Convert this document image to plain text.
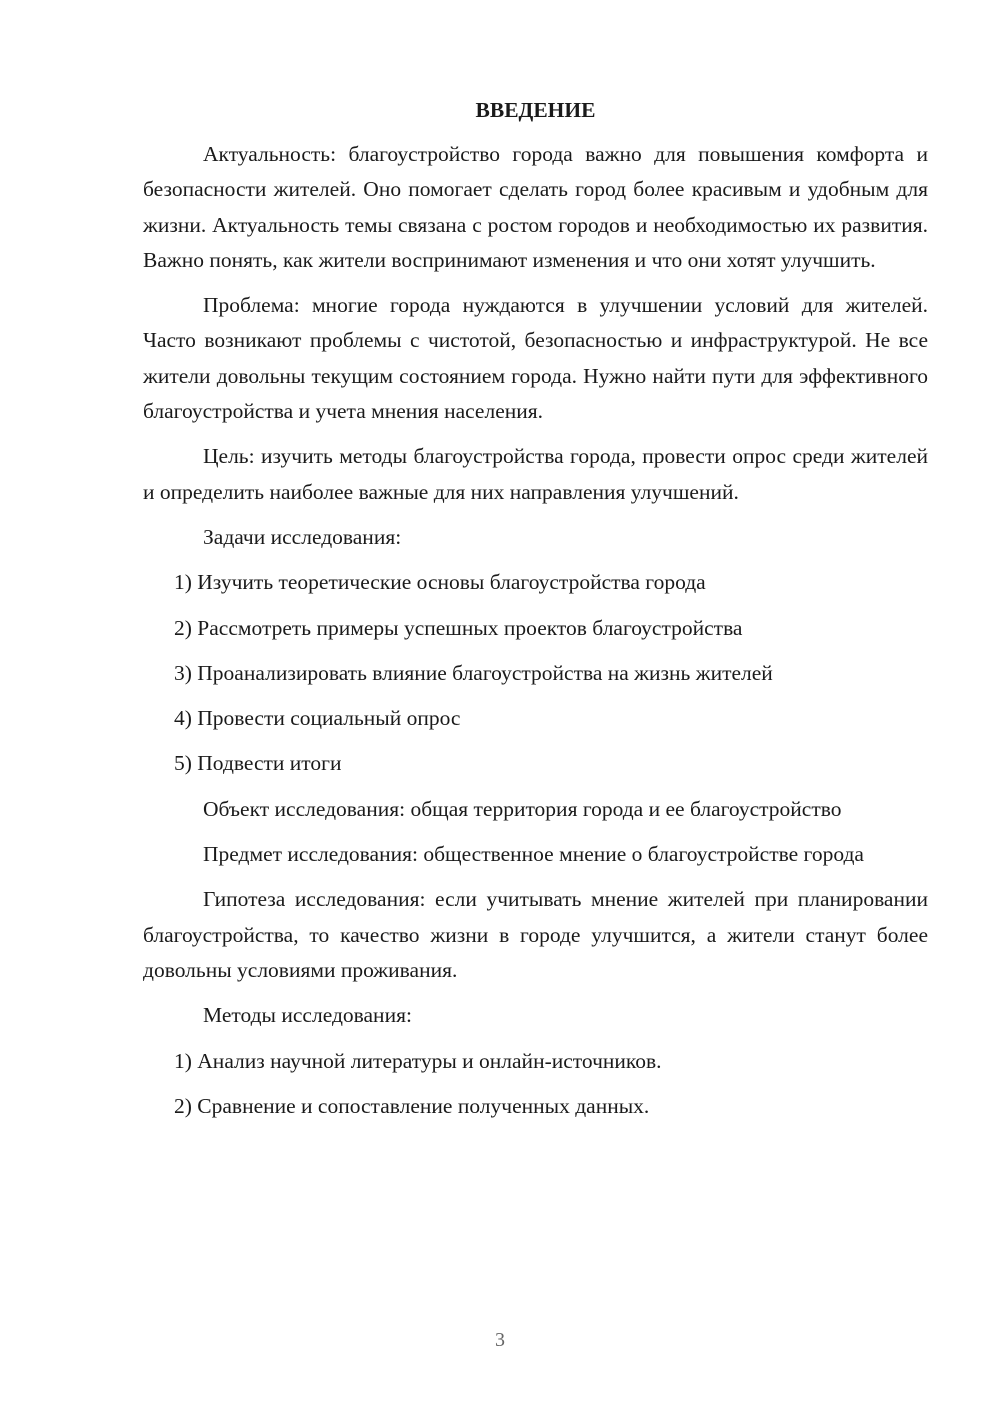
ВВЕДЕНИЕ

Актуальность: благоустройство города важно для повышения комфорта и безопасности жителей. Оно помогает сделать город более красивым и удобным для жизни. Актуальность темы связана с ростом городов и необходимостью их развития. Важно понять, как жители воспринимают изменения и что они хотят улучшить.

Проблема: многие города нуждаются в улучшении условий для жителей. Часто возникают проблемы с чистотой, безопасностью и инфраструктурой. Не все жители довольны текущим состоянием города. Нужно найти пути для эффективного благоустройства и учета мнения населения.

Цель: изучить методы благоустройства города, провести опрос среди жителей и определить наиболее важные для них направления улучшений.

Задачи исследования:

1) Изучить теоретические основы благоустройства города

2) Рассмотреть примеры успешных проектов благоустройства

3) Проанализировать влияние благоустройства на жизнь жителей

4) Провести социальный опрос

5) Подвести итоги

Объект исследования: общая территория города и ее благоустройство

Предмет исследования: общественное мнение о благоустройстве города

Гипотеза исследования: если учитывать мнение жителей при планировании благоустройства, то качество жизни в городе улучшится, а жители станут более довольны условиями проживания.

Методы исследования:

1) Анализ научной литературы и онлайн-источников.

2) Сравнение и сопоставление полученных данных.

3
